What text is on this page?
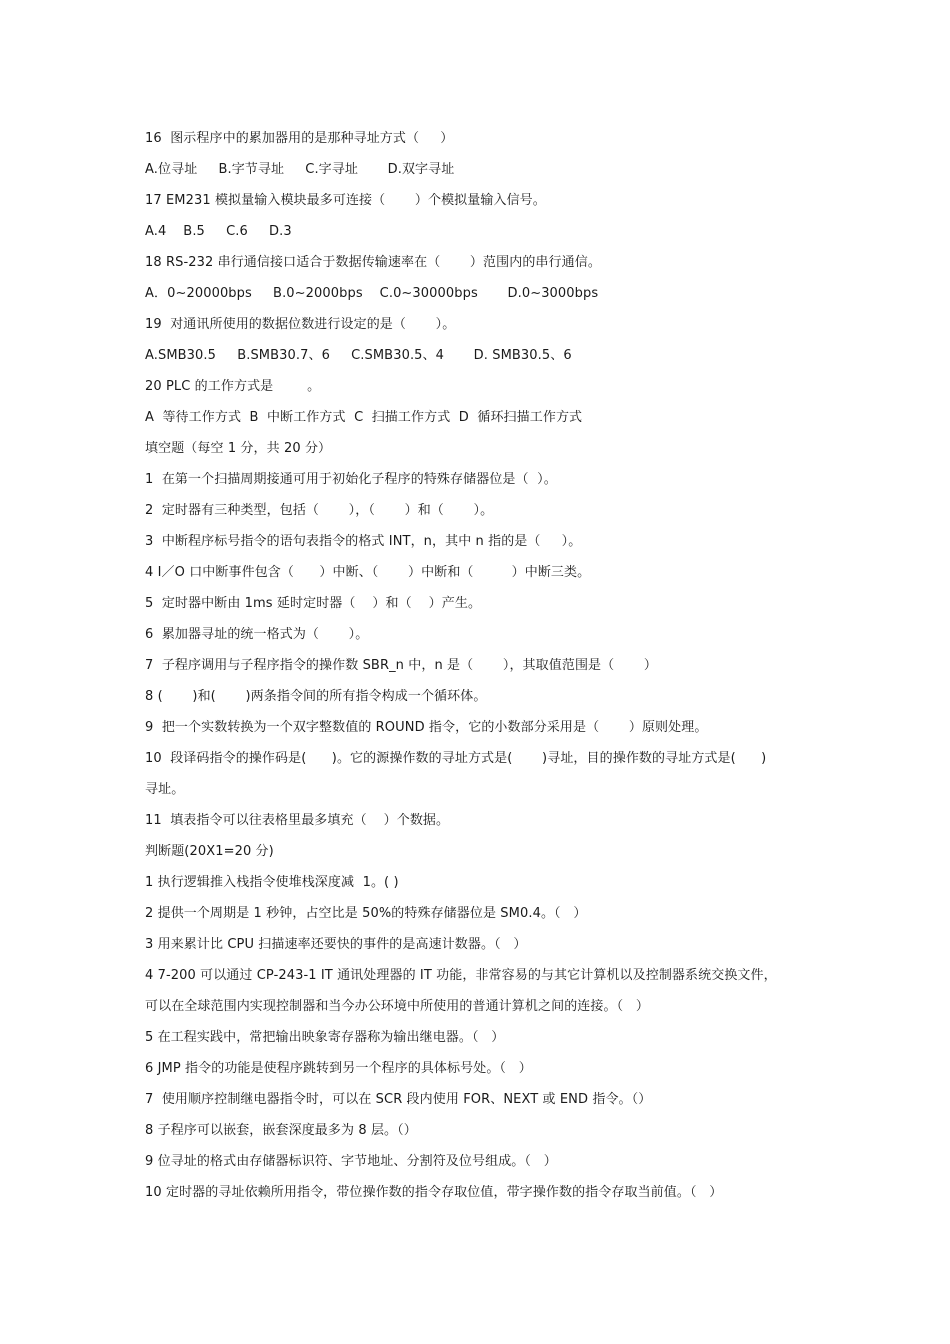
16  图示程序中的累加器用的是那种寻址方式（     ）
A.位寻址     B.字节寻址     C.字寻址       D.双字寻址
17 EM231 模拟量输入模块最多可连接（       ）个模拟量输入信号。
A.4    B.5     C.6     D.3
18 RS-232 串行通信接口适合于数据传输速率在（       ）范围内的串行通信。
A．0~20000bps     B.0~2000bps    C.0~30000bps       D.0~3000bps
19  对通讯所使用的数据位数进行设定的是（       ）。
A.SMB30.5     B.SMB30.7、6     C.SMB30.5、4       D. SMB30.5、6
20 PLC 的工作方式是        。
A  等待工作方式  B  中断工作方式  C  扫描工作方式  D  循环扫描工作方式
填空题（每空 1 分，共 20 分）
1  在第一个扫描周期接通可用于初始化子程序的特殊存储器位是（  ）。
2  定时器有三种类型，包括（       ），（       ）和（       ）。
3  中断程序标号指令的语句表指令的格式 INT，n，其中 n 指的是（     ）。
4 I／O 口中断事件包含（      ）中断、（       ）中断和（         ）中断三类。
5  定时器中断由 1ms 延时定时器（    ）和（    ）产生。
6  累加器寻址的统一格式为（       ）。
7  子程序调用与子程序指令的操作数 SBR_n 中，n 是（       ），其取值范围是（       ）
8 (       )和(       )两条指令间的所有指令构成一个循环体。
9  把一个实数转换为一个双字整数值的 ROUND 指令，它的小数部分采用是（       ）原则处理。
10  段译码指令的操作码是(      )。它的源操作数的寻址方式是(       )寻址，目的操作数的寻址方式是(      )
寻址。
11  填表指令可以往表格里最多填充（    ）个数据。
判断题(20X1=20 分)
1 执行逻辑推入栈指令使堆栈深度减  1。( )
2 提供一个周期是 1 秒钟，占空比是 50%的特殊存储器位是 SM0.4。（   ）
3 用来累计比 CPU 扫描速率还要快的事件的是高速计数器。（   ）
4 7-200 可以通过 CP-243-1 IT 通讯处理器的 IT 功能，非常容易的与其它计算机以及控制器系统交换文件，
可以在全球范围内实现控制器和当今办公环境中所使用的普通计算机之间的连接。（   ）
5 在工程实践中，常把输出映象寄存器称为输出继电器。（   ）
6 JMP 指令的功能是使程序跳转到另一个程序的具体标号处。（   ）
7  使用顺序控制继电器指令时，可以在 SCR 段内使用 FOR、NEXT 或 END 指令。（）
8 子程序可以嵌套，嵌套深度最多为 8 层。（）
9 位寻址的格式由存储器标识符、字节地址、分割符及位号组成。（   ）
10 定时器的寻址依赖所用指令，带位操作数的指令存取位值，带字操作数的指令存取当前值。（   ）
